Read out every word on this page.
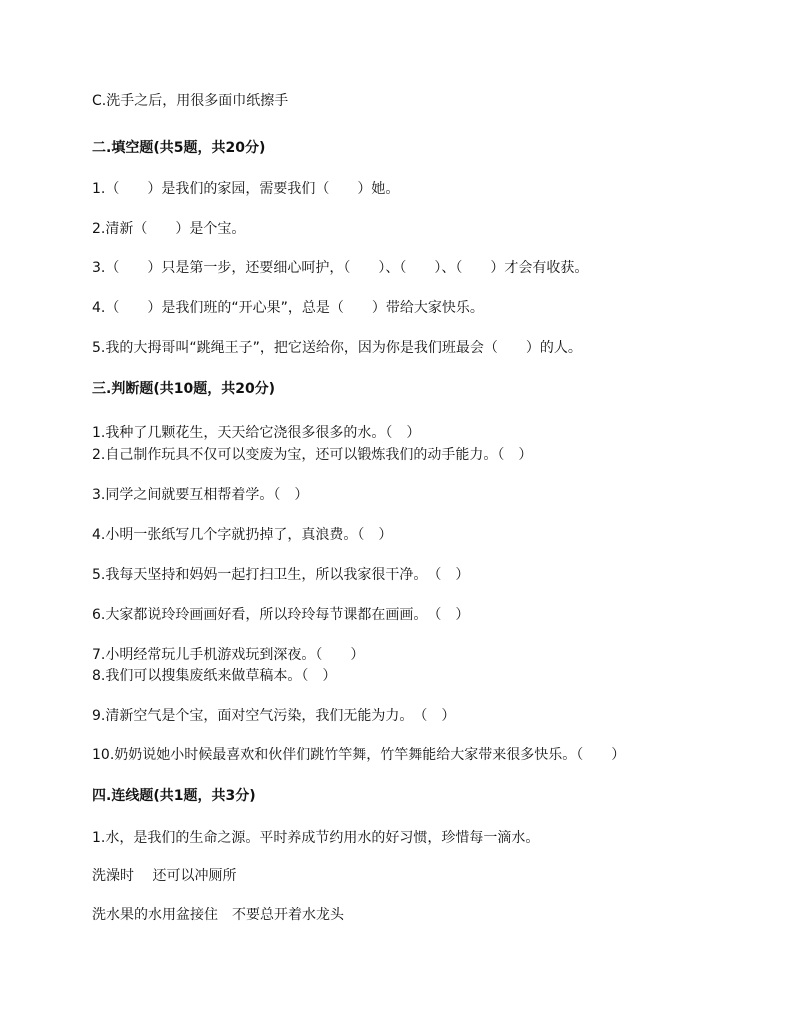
C.洗手之后，用很多面巾纸擦手
二.填空题(共5题，共20分)
1.（　　）是我们的家园，需要我们（　　）她。
2.清新（　　）是个宝。
3.（　　）只是第一步，还要细心呵护，（　　）、（　　）、（　　）才会有收获。
4.（　　）是我们班的“开心果”，总是（　　）带给大家快乐。
5.我的大拇哥叫“跳绳王子”，把它送给你，因为你是我们班最会（　　）的人。
三.判断题(共10题，共20分)
1.我种了几颗花生，天天给它浇很多很多的水。（　）
2.自己制作玩具不仅可以变废为宝，还可以锻炼我们的动手能力。（　）
3.同学之间就要互相帮着学。（　）
4.小明一张纸写几个字就扔掉了，真浪费。（　）
5.我每天坚持和妈妈一起打扫卫生，所以我家很干净。　（　）
6.大家都说玲玲画画好看，所以玲玲每节课都在画画。　（　）
7.小明经常玩儿手机游戏玩到深夜。（　　）
8.我们可以搜集废纸来做草稿本。（　）
9.清新空气是个宝，面对空气污染，我们无能为力。　（　）
10.奶奶说她小时候最喜欢和伙伴们跳竹竿舞，竹竿舞能给大家带来很多快乐。（　　）
四.连线题(共1题，共3分)
1.水，是我们的生命之源。平时养成节约用水的好习惯，珍惜每一滴水。
洗澡时　 还可以冲厕所
洗水果的水用盆接住　不要总开着水龙头
